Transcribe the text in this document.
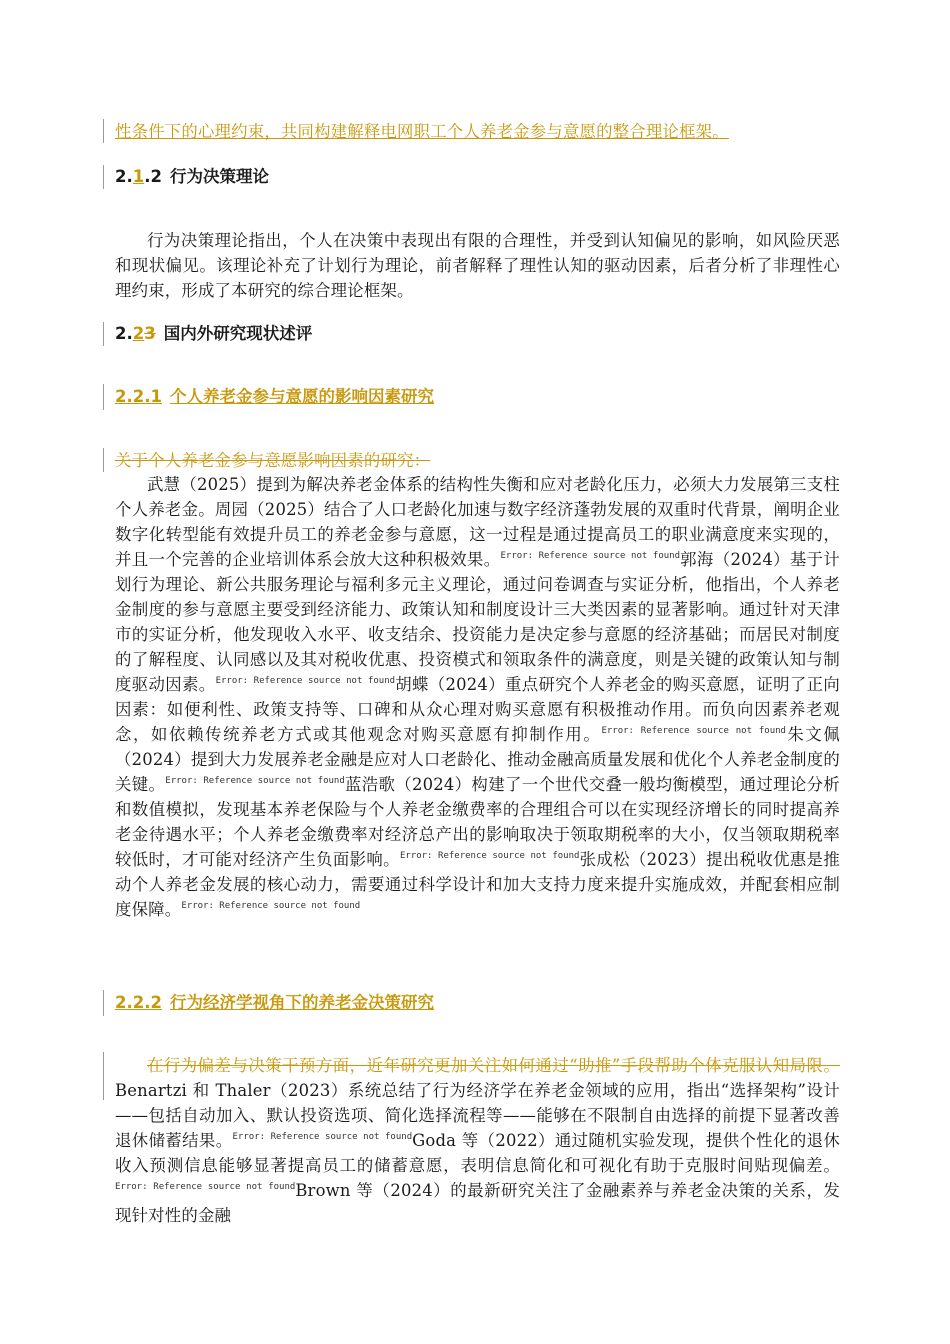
性条件下的心理约束，共同构建解释电网职工个人养老金参与意愿的整合理论框架。

2.1.2 行为决策理论

行为决策理论指出，个人在决策中表现出有限的合理性，并受到认知偏见的影响，如风险厌恶和现状偏见。该理论补充了计划行为理论，前者解释了理性认知的驱动因素，后者分析了非理性心理约束，形成了本研究的综合理论框架。

2.23 国内外研究现状述评
2.2.1 个人养老金参与意愿的影响因素研究

关于个人养老金参与意愿影响因素的研究：

武慧（2025）提到为解决养老金体系的结构性失衡和应对老龄化压力，必须大力发展第三支柱个人养老金。周园（2025）结合了人口老龄化加速与数字经济蓬勃发展的双重时代背景，阐明企业数字化转型能有效提升员工的养老金参与意愿，这一过程是通过提高员工的职业满意度来实现的，并且一个完善的企业培训体系会放大这种积极效果。$^{Error: Reference source not found}$郭海（2024）基于计划行为理论、新公共服务理论与福利多元主义理论，通过问卷调查与实证分析，他指出，个人养老金制度的参与意愿主要受到经济能力、政策认知和制度设计三大类因素的显著影响。通过针对天津市的实证分析，他发现收入水平、收支结余、投资能力是决定参与意愿的经济基础；而居民对制度的了解程度、认同感以及其对税收优惠、投资模式和领取条件的满意度，则是关键的政策认知与制度驱动因素。$^{Error: Reference source not found}$胡蝶（2024）重点研究个人养老金的购买意愿，证明了正向因素：如便利性、政策支持等、口碑和从众心理对购买意愿有积极推动作用。而负向因素养老观念，如依赖传统养老方式或其他观念对购买意愿有抑制作用。$^{Error: Reference source not found}$朱文佩（2024）提到大力发展养老金融是应对人口老龄化、推动金融高质量发展和优化个人养老金制度的关键。$^{Error: Reference source not found}$蓝浩歌（2024）构建了一个世代交叠一般均衡模型，通过理论分析和数值模拟，发现基本养老保险与个人养老金缴费率的合理组合可以在实现经济增长的同时提高养老金待遇水平；个人养老金缴费率对经济总产出的影响取决于领取期税率的大小，仅当领取期税率较低时，才可能对经济产生负面影响。$^{Error: Reference source not found}$张成松（2023）提出税收优惠是推动个人养老金发展的核心动力，需要通过科学设计和加大支持力度来提升实施成效，并配套相应制度保障。$^{Error: Reference source not found}$

2.2.2 行为经济学视角下的养老金决策研究

在行为偏差与决策干预方面，近年研究更加关注如何通过“助推”手段帮助个体克服认知局限。Benartzi 和 Thaler（2023）系统总结了行为经济学在养老金领域的应用，指出“选择架构”设计——包括自动加入、默认投资选项、简化选择流程等——能够在不限制自由选择的前提下显著改善退休储蓄结果。$^{Error: Reference source not found}$Goda 等（2022）通过随机实验发现，提供个性化的退休收入预测信息能够显著提高员工的储蓄意愿，表明信息简化和可视化有助于克服时间贴现偏差。$^{Error: Reference source not found}$Brown 等（2024）的最新研究关注了金融素养与养老金决策的关系，发现针对性的金融
